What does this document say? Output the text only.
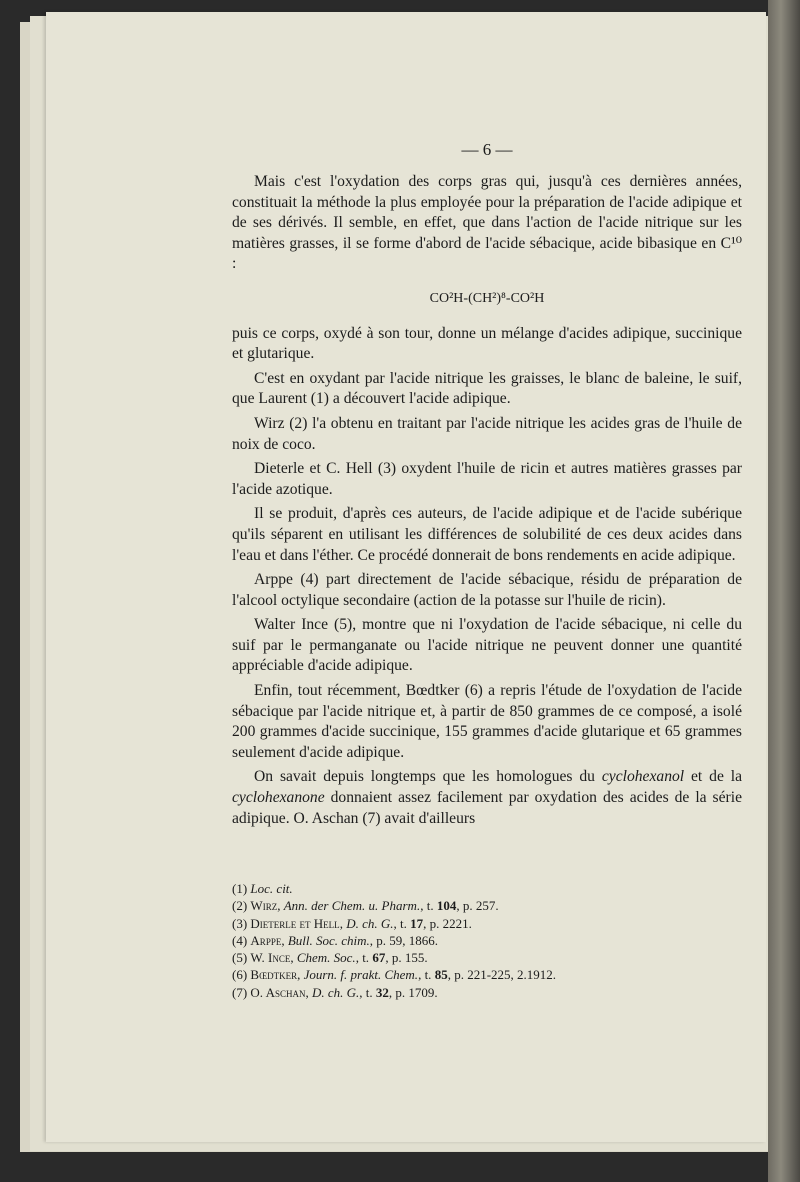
— 6 —

Mais c'est l'oxydation des corps gras qui, jusqu'à ces dernières années, constituait la méthode la plus employée pour la préparation de l'acide adipique et de ses dérivés. Il semble, en effet, que dans l'action de l'acide nitrique sur les matières grasses, il se forme d'abord de l'acide sébacique, acide bibasique en C¹⁰ :

CO²H-(CH²)⁸-CO²H

puis ce corps, oxydé à son tour, donne un mélange d'acides adipique, succinique et glutarique.

C'est en oxydant par l'acide nitrique les graisses, le blanc de baleine, le suif, que Laurent (1) a découvert l'acide adipique.

Wirz (2) l'a obtenu en traitant par l'acide nitrique les acides gras de l'huile de noix de coco.

Dieterle et C. Hell (3) oxydent l'huile de ricin et autres matières grasses par l'acide azotique.

Il se produit, d'après ces auteurs, de l'acide adipique et de l'acide subérique qu'ils séparent en utilisant les différences de solubilité de ces deux acides dans l'eau et dans l'éther. Ce procédé donnerait de bons rendements en acide adipique.

Arppe (4) part directement de l'acide sébacique, résidu de préparation de l'alcool octylique secondaire (action de la potasse sur l'huile de ricin).

Walter Ince (5), montre que ni l'oxydation de l'acide sébacique, ni celle du suif par le permanganate ou l'acide nitrique ne peuvent donner une quantité appréciable d'acide adipique.

Enfin, tout récemment, Bœdtker (6) a repris l'étude de l'oxydation de l'acide sébacique par l'acide nitrique et, à partir de 850 grammes de ce composé, a isolé 200 grammes d'acide succinique, 155 grammes d'acide glutarique et 65 grammes seulement d'acide adipique.

On savait depuis longtemps que les homologues du cyclohexanol et de la cyclohexanone donnaient assez facilement par oxydation des acides de la série adipique. O. Aschan (7) avait d'ailleurs

(1) Loc. cit.
(2) Wirz, Ann. der Chem. u. Pharm., t. 104, p. 257.
(3) Dieterle et Hell, D. ch. G., t. 17, p. 2221.
(4) Arppe, Bull. Soc. chim., p. 59, 1866.
(5) W. Ince, Chem. Soc., t. 67, p. 155.
(6) Bœdtker, Journ. f. prakt. Chem., t. 85, p. 221-225, 2.1912.
(7) O. Aschan, D. ch. G., t. 32, p. 1709.
